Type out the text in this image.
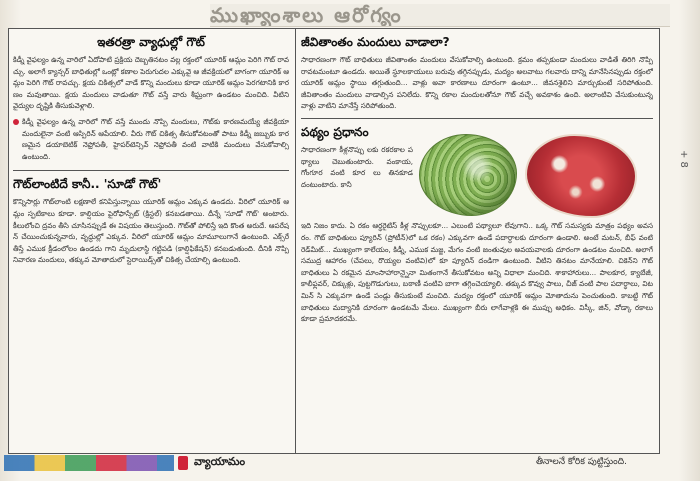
ముఖ్యాంశాలు ఆరోగ్యం
ఇతరత్రా వ్యాధుల్లో గౌట్

కిడ్నీ వైఫల్యం ఉన్న వారిలో ఏదోపాటి ప్రక్రియ దెబ్బతినటం వల్ల రక్తంలో యూరిక్ ఆమ్లం పెరిగి గౌట్ రావచ్చు. అలాగే క్యాన్సర్ బాధితుల్లో ఒంట్లో కణాల పెరుగుదల ఎక్కువై ఆ జీవక్రియలో బాగంగా యూరిక్ ఆమ్లం పెరిగి గౌట్ రావచ్చు. క్షయ చికిత్సలో వాడే కొన్ని మందులు కూడా యూరిక్ ఆమ్లం పెరగటానికి కారణం మవుతాయి. క్షయ మందులు వాడుతూ గౌట్ వస్తే వారు శీఘ్రంగా ఉండటం మంచిది. వీటిని వైద్యుల దృష్టికి తీసుకువెళ్లాలి.

కిడ్నీ వైఫల్యం ఉన్న వారిలో గౌట్ వస్తే ముందు నొప్పి మందులు, గౌట్‌కు కారణమయ్యే జీవక్రియా మందులైనా వంటి ఆస్పిరిన్ ఆపేయాలి. వీరు గౌట్ చికిత్స తీసుకోవటంతో పాటు కిడ్నీ జబ్బుకు కారణమైన డయాబెటిక్ నెఫ్రోపతీ, హైపర్‌టెన్సివ్ నెఫ్రోపతీ వంటి వాటికి మందులు వేసుకోవాల్సి ఉంటుంది.

గౌట్‌లాంటిదే కానీ.. 'సూడో గౌట్'

కొన్నిసార్లు గౌట్‌లాంటి లక్షణాలే కనిపిస్తున్నాయి యూరిక్ ఆమ్లం ఎక్కువ ఉండదు. వీరిలో యూరిక్ ఆమ్లం స్ఫటికాలు కూడా. కాల్షియం పైరోఫాస్పేట్ (క్రిస్టల్) కనబడతాయి. దీన్నే 'సూడో గౌట్' అంటారు. కీలులోంచి ద్రవం తీసి చూసినప్పుడే ఈ విషయం తెలుస్తుంది. గౌట్‌తో పోలిస్తే ఇది కొంత అరుదే. ఆపరేషన్ చేయించుకున్నవారు, వృద్ధుల్లో ఎక్కువ. వీరిలో యూరిక్ ఆమ్లం మామూలుగానే ఉంటుంది. ఎక్స్‌రే తీస్తే ఎముక క్రీడంలోలం ఉండదు గాని మృదులాస్థి గట్టిపడి (కాల్షిఫికేషన్) కనబడుతుంది. దీనికి నొప్పి నివారణ మందులు, తక్కువ మోతాదులో స్టెరాయిడ్స్‌తో చికిత్స చేయాల్సి ఉంటుంది.

జీవితాంతం మందులు వాడాలా?

సాధారణంగా గౌట్ బాధితులు జీవితాంతం మందులు వేసుకోవాల్సి ఉంటుంది. క్రమం తప్పకుండా మందులు వాడితే తిరిగి నొప్పి రావటమంటూ ఉండదు. అయితే స్థూలకాయులు బరువు తగ్గినప్పుడు, మద్యం అలవాటు గలవారు దాన్ని మానేసినప్పుడు రక్తంలో యూరిక్ ఆమ్లం స్థాయి తగ్గుతుంది... వాళ్లు అవా కారణాలు దూరంగా ఉంటూ... జీవనశైలిని మార్చుకుంటే సరిపోతుంది. జీవితాంతం మందులు వాడాల్సిన పనిలేదు. కొన్ని రకాల మందులతోనూ గౌట్ వచ్చే అవకాశం ఉంది. అలాంటివి వేసుకుంటున్న వాళ్లు వాటిని మానేస్తే సరిపోతుంది.

పథ్యం ప్రధానం

సాధారణంగా కీళ్లనొప్పు లకు రకరకాల పథ్యాలు చెబుతుంటారు. వంకాయ, గోంగూర వంటి కూర లు తినకూడదంటుంటారు. కానీ

ఇది నిజం కాదు. ఏ రకం ఆర్థరైటిస్ కీళ్ల నొప్పులకూ... ఎలుంటి పథ్యాలూ లేవుగాని.. ఒక్క గౌట్ సమస్యకు మాత్రం పథ్యం అవసరం. గౌట్ బాధితులు ప్యూరిన్ (ప్రోటీన్)లో ఒక రకం) ఎక్కువగా ఉండే పదార్థాలకు దూరంగా ఉండాలి. అంటే మటన్, బీఫ్ వంటి రెడ్‌మీట్... ముఖ్యంగా కాలేయం, కిడ్నీ, ఎముక మజ్జ, మేగం వంటి జంతువుల అవయవాలకు దూరంగా ఉండటం మంచిది. అలాగే సముద్ర ఆహారం (చేపలు, రొయ్యల వంటివి)లో కూ ప్యూరిన్ దండిగా ఉంటుంది. వీటిని తినటం మానేయాలి. చికెన్‌ని గౌట్ బాధితులు ఏ రకమైన మాంసాహారాన్నైనా మితంగానే తీసుకోవటం అన్ని విధాలా మంచిది. శాకాహారులు... పాలకూర, క్యాబేజీ, కాలీఫ్లవర్, చిక్కుళ్లు, పుట్టగొడుగులు, బఠాణీ వంటివి బాగా తగ్గించెయ్యాలి. తక్కువ కొవ్వు పాలు, చీజ్ వంటి పాల పదార్థాలు, విటమిన్ సి ఎక్కువగా ఉండే పండ్లు తీసుకుంటే మంచిది. మద్యం రక్తంలో యూరిక్ ఆమ్లం మోతాదును పెంచుతుంది. కాబట్టి గౌట్ బాధితులు మద్యానికి దూరంగా ఉండటమే మేలు. ముఖ్యంగా బీరు లాగేవాళ్లకి ఈ ముప్పు అధికం. విస్కీ, జిన్, వోడ్కా రకాలు కూడా ప్రమాదకరమే.

వ్యాయామం	తీనాలనే కోరిక పుట్టిస్తుంది.
+ 8
